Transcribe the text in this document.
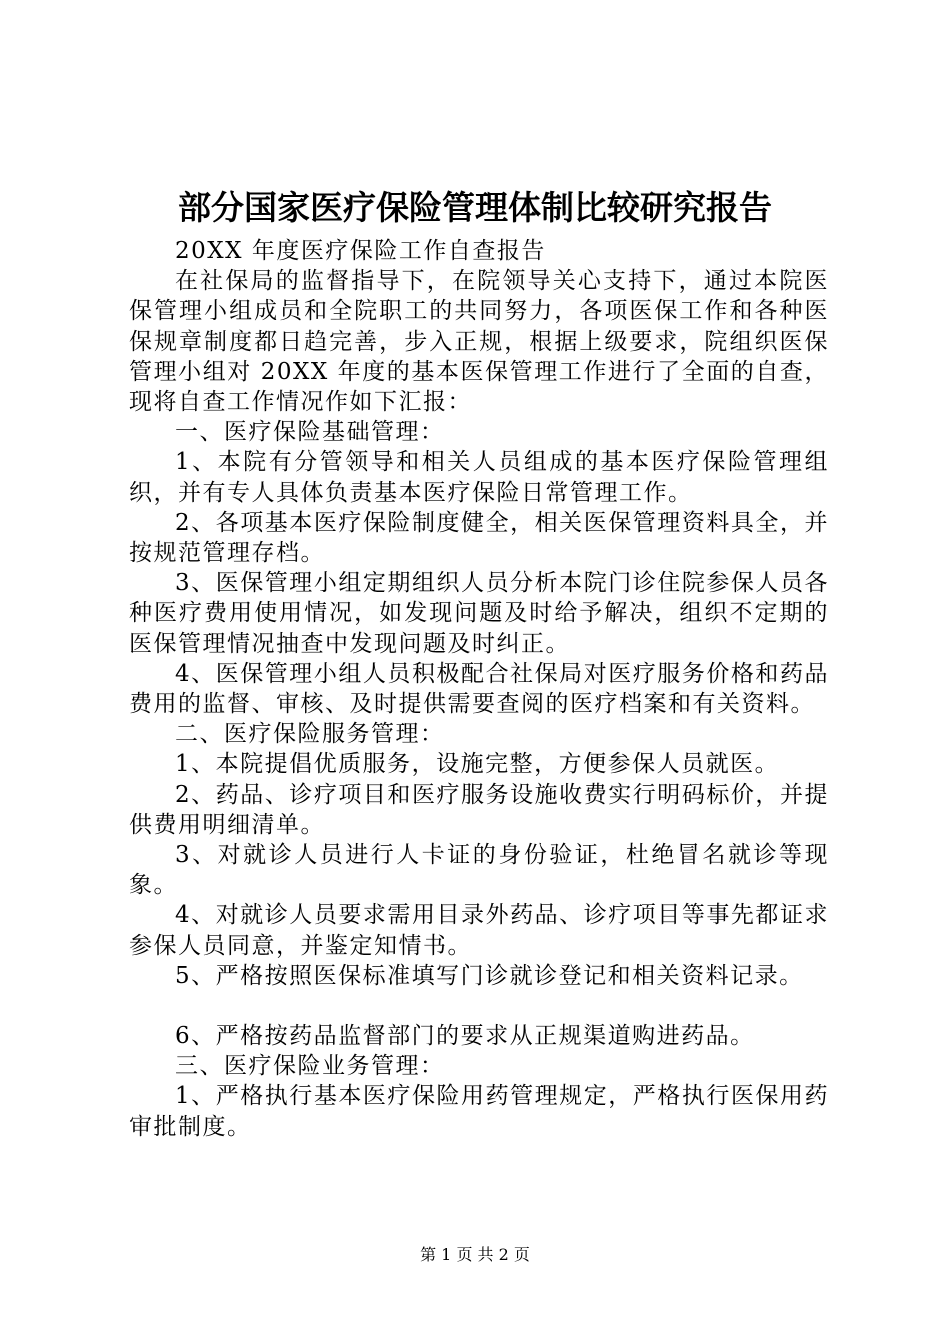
部分国家医疗保险管理体制比较研究报告

20XX 年度医疗保险工作自查报告

在社保局的监督指导下，在院领导关心支持下，通过本院医保管理小组成员和全院职工的共同努力，各项医保工作和各种医保规章制度都日趋完善，步入正规，根据上级要求，院组织医保管理小组对 20XX 年度的基本医保管理工作进行了全面的自查，现将自查工作情况作如下汇报：

一、医疗保险基础管理：

1、本院有分管领导和相关人员组成的基本医疗保险管理组织，并有专人具体负责基本医疗保险日常管理工作。

2、各项基本医疗保险制度健全，相关医保管理资料具全，并按规范管理存档。

3、医保管理小组定期组织人员分析本院门诊住院参保人员各种医疗费用使用情况，如发现问题及时给予解决，组织不定期的医保管理情况抽查中发现问题及时纠正。

4、医保管理小组人员积极配合社保局对医疗服务价格和药品费用的监督、审核、及时提供需要查阅的医疗档案和有关资料。

二、医疗保险服务管理：

1、本院提倡优质服务，设施完整，方便参保人员就医。

2、药品、诊疗项目和医疗服务设施收费实行明码标价，并提供费用明细清单。

3、对就诊人员进行人卡证的身份验证，杜绝冒名就诊等现象。

4、对就诊人员要求需用目录外药品、诊疗项目等事先都证求参保人员同意，并鉴定知情书。

5、严格按照医保标准填写门诊就诊登记和相关资料记录。

6、严格按药品监督部门的要求从正规渠道购进药品。

三、医疗保险业务管理：

1、严格执行基本医疗保险用药管理规定，严格执行医保用药审批制度。

第 1 页 共 2 页
